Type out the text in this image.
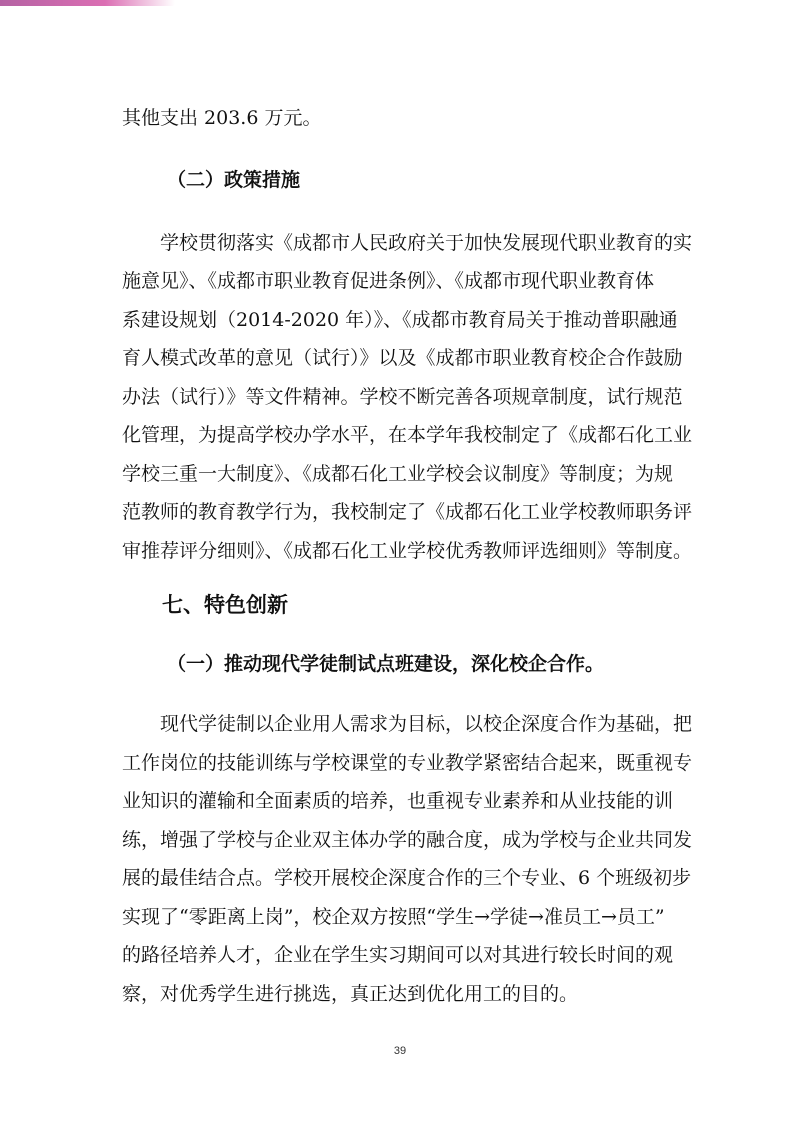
其他支出 203.6 万元。
（二）政策措施
学校贯彻落实《成都市人民政府关于加快发展现代职业教育的实
施意见》、《成都市职业教育促进条例》、《成都市现代职业教育体
系建设规划（2014-2020 年）》、《成都市教育局关于推动普职融通
育人模式改革的意见（试行）》以及《成都市职业教育校企合作鼓励
办法（试行）》等文件精神。学校不断完善各项规章制度，试行规范
化管理，为提高学校办学水平，在本学年我校制定了《成都石化工业
学校三重一大制度》、《成都石化工业学校会议制度》等制度；为规
范教师的教育教学行为，我校制定了《成都石化工业学校教师职务评
审推荐评分细则》、《成都石化工业学校优秀教师评选细则》等制度。
七、特色创新
（一）推动现代学徒制试点班建设，深化校企合作。
现代学徒制以企业用人需求为目标，以校企深度合作为基础，把
工作岗位的技能训练与学校课堂的专业教学紧密结合起来，既重视专
业知识的灌输和全面素质的培养，也重视专业素养和从业技能的训
练，增强了学校与企业双主体办学的融合度，成为学校与企业共同发
展的最佳结合点。学校开展校企深度合作的三个专业、6 个班级初步
实现了“零距离上岗”，校企双方按照“学生→学徒→准员工→员工”
的路径培养人才，企业在学生实习期间可以对其进行较长时间的观
察，对优秀学生进行挑选，真正达到优化用工的目的。
39
